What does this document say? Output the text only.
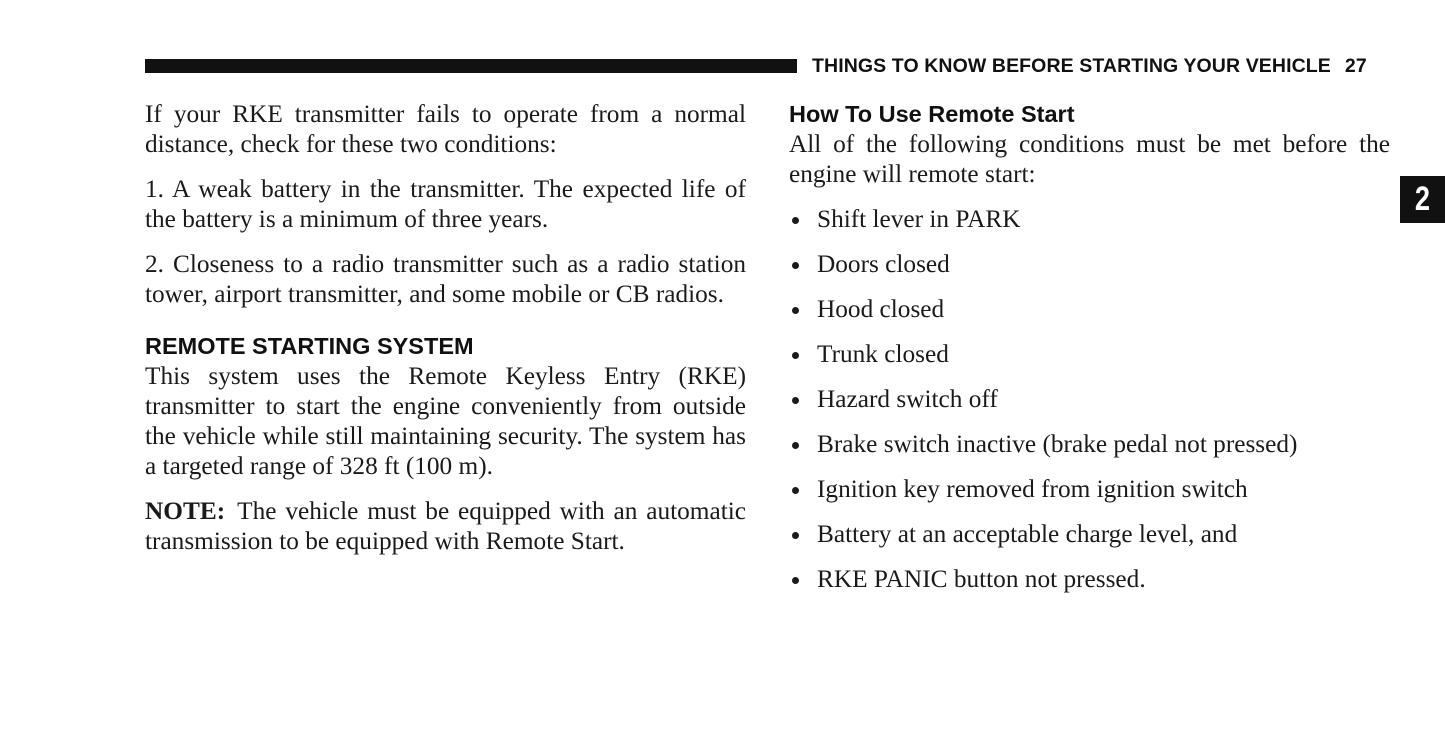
THINGS TO KNOW BEFORE STARTING YOUR VEHICLE 27
2

If your RKE transmitter fails to operate from a normal distance, check for these two conditions:

1. A weak battery in the transmitter. The expected life of the battery is a minimum of three years.

2. Closeness to a radio transmitter such as a radio station tower, airport transmitter, and some mobile or CB radios.

REMOTE STARTING SYSTEM

This system uses the Remote Keyless Entry (RKE) transmitter to start the engine conveniently from outside the vehicle while still maintaining security. The system has a targeted range of 328 ft (100 m).

NOTE: The vehicle must be equipped with an automatic transmission to be equipped with Remote Start.

How To Use Remote Start

All of the following conditions must be met before the engine will remote start:

Shift lever in PARK
Doors closed
Hood closed
Trunk closed
Hazard switch off
Brake switch inactive (brake pedal not pressed)
Ignition key removed from ignition switch
Battery at an acceptable charge level, and
RKE PANIC button not pressed.
